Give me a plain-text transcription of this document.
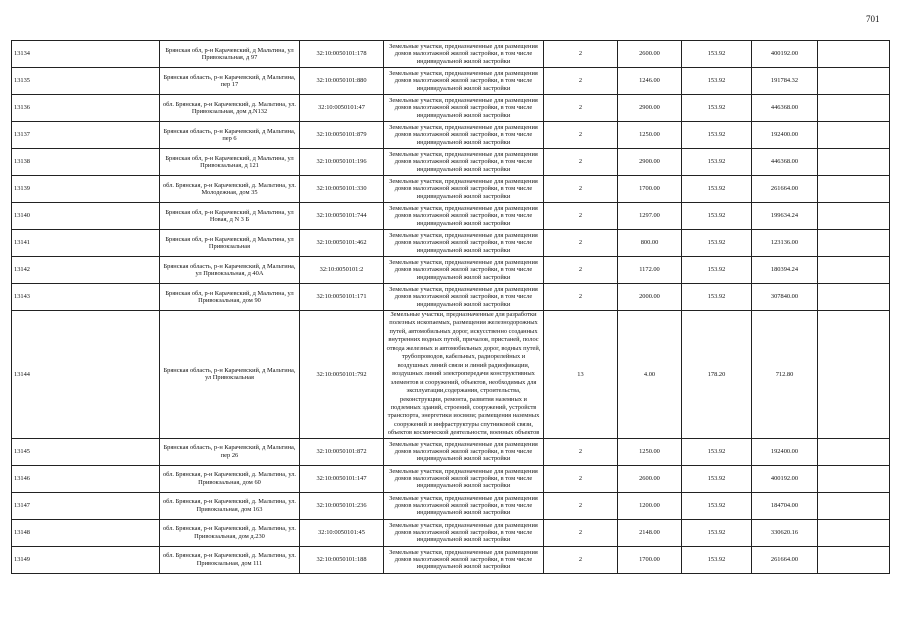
701
13134	Брянская обл, р-н Карачевский, д Мальтина, ул Привокзальная, д 97	32:10:0050101:178	Земельные участки, предназначенные для размещения домов малоэтажной жилой застройки, в том числе индивидуальной жилой застройки	2	2600.00	153.92	400192.00	
13135	Брянская область, р-н Карачевский, д Мальтина, пер 17	32:10:0050101:880	Земельные участки, предназначенные для размещения домов малоэтажной жилой застройки, в том числе индивидуальной жилой застройки	2	1246.00	153.92	191784.32	
13136	обл. Брянская, р-н Карачевский, д. Мальтина, ул. Привокзальная, дом д.N132	32:10:0050101:47	Земельные участки, предназначенные для размещения домов малоэтажной жилой застройки, в том числе индивидуальной жилой застройки	2	2900.00	153.92	446368.00	
13137	Брянская область, р-н Карачевский, д Мальтина, пер 6	32:10:0050101:879	Земельные участки, предназначенные для размещения домов малоэтажной жилой застройки, в том числе индивидуальной жилой застройки	2	1250.00	153.92	192400.00	
13138	Брянская обл, р-н Карачевский, д Мальтина, ул Привокзальная, д 121	32:10:0050101:196	Земельные участки, предназначенные для размещения домов малоэтажной жилой застройки, в том числе индивидуальной жилой застройки	2	2900.00	153.92	446368.00	
13139	обл. Брянская, р-н Карачевский, д. Мальтина, ул. Молодежная, дом 35	32:10:0050101:330	Земельные участки, предназначенные для размещения домов малоэтажной жилой застройки, в том числе индивидуальной жилой застройки	2	1700.00	153.92	261664.00	
13140	Брянская обл, р-н Карачевский, д Мальтина, ул Новая, д N 3 Б	32:10:0050101:744	Земельные участки, предназначенные для размещения домов малоэтажной жилой застройки, в том числе индивидуальной жилой застройки	2	1297.00	153.92	199634.24	
13141	Брянская обл, р-н Карачевский, д Мальтина, ул Привокзальная	32:10:0050101:462	Земельные участки, предназначенные для размещения домов малоэтажной жилой застройки, в том числе индивидуальной жилой застройки	2	800.00	153.92	123136.00	
13142	Брянская область, р-н Карачевский, д Мальтина, ул Привокзальная, д 40А	32:10:0050101:2	Земельные участки, предназначенные для размещения домов малоэтажной жилой застройки, в том числе индивидуальной жилой застройки	2	1172.00	153.92	180394.24	
13143	Брянская обл, р-н Карачевский, д Мальтина, ул Привокзальная, дом 90	32:10:0050101:171	Земельные участки, предназначенные для размещения домов малоэтажной жилой застройки, в том числе индивидуальной жилой застройки	2	2000.00	153.92	307840.00	
13144	Брянская область, р-н Карачевский, д Мальтина, ул Привокзальная	32:10:0050101:792	Земельные участки, предназначенные для разработки полезных ископаемых, размещения железнодорожных путей, автомобильных дорог, искусственно созданных внутренних водных путей, причалов, пристаней, полос отвода железных и автомобильных дорог, водных путей, трубопроводов, кабельных, радиорелейных и воздушных линий связи и линий радиофикации, воздушных линий электропередачи конструктивных элементов и сооружений, объектов, необходимых для эксплуатации,содержания, строительства, реконструкции, ремонта, развития наземных и подземных зданий, строений, сооружений, устройств транспорта, энергетики иосвязи; размещения наземных сооружений и инфраструктуры спутниковой связи, объектов космической деятельности, военных объектов	13	4.00	178.20	712.80	
13145	Брянская область, р-н Карачевский, д Мальтина, пер 26	32:10:0050101:872	Земельные участки, предназначенные для размещения домов малоэтажной жилой застройки, в том числе индивидуальной жилой застройки	2	1250.00	153.92	192400.00	
13146	обл. Брянская, р-н Карачевский, д. Мальтина, ул. Привокзальная, дом 60	32:10:0050101:147	Земельные участки, предназначенные для размещения домов малоэтажной жилой застройки, в том числе индивидуальной жилой застройки	2	2600.00	153.92	400192.00	
13147	обл. Брянская, р-н Карачевский, д. Мальтина, ул. Привокзальная, дом 163	32:10:0050101:236	Земельные участки, предназначенные для размещения домов малоэтажной жилой застройки, в том числе индивидуальной жилой застройки	2	1200.00	153.92	184704.00	
13148	обл. Брянская, р-н Карачевский, д. Мальтина, ул. Привокзальная, дом д.230	32:10:0050101:45	Земельные участки, предназначенные для размещения домов малоэтажной жилой застройки, в том числе индивидуальной жилой застройки	2	2148.00	153.92	330620.16	
13149	обл. Брянская, р-н Карачевский, д. Мальтина, ул. Привокзальная, дом 111	32:10:0050101:188	Земельные участки, предназначенные для размещения домов малоэтажной жилой застройки, в том числе индивидуальной жилой застройки	2	1700.00	153.92	261664.00	
